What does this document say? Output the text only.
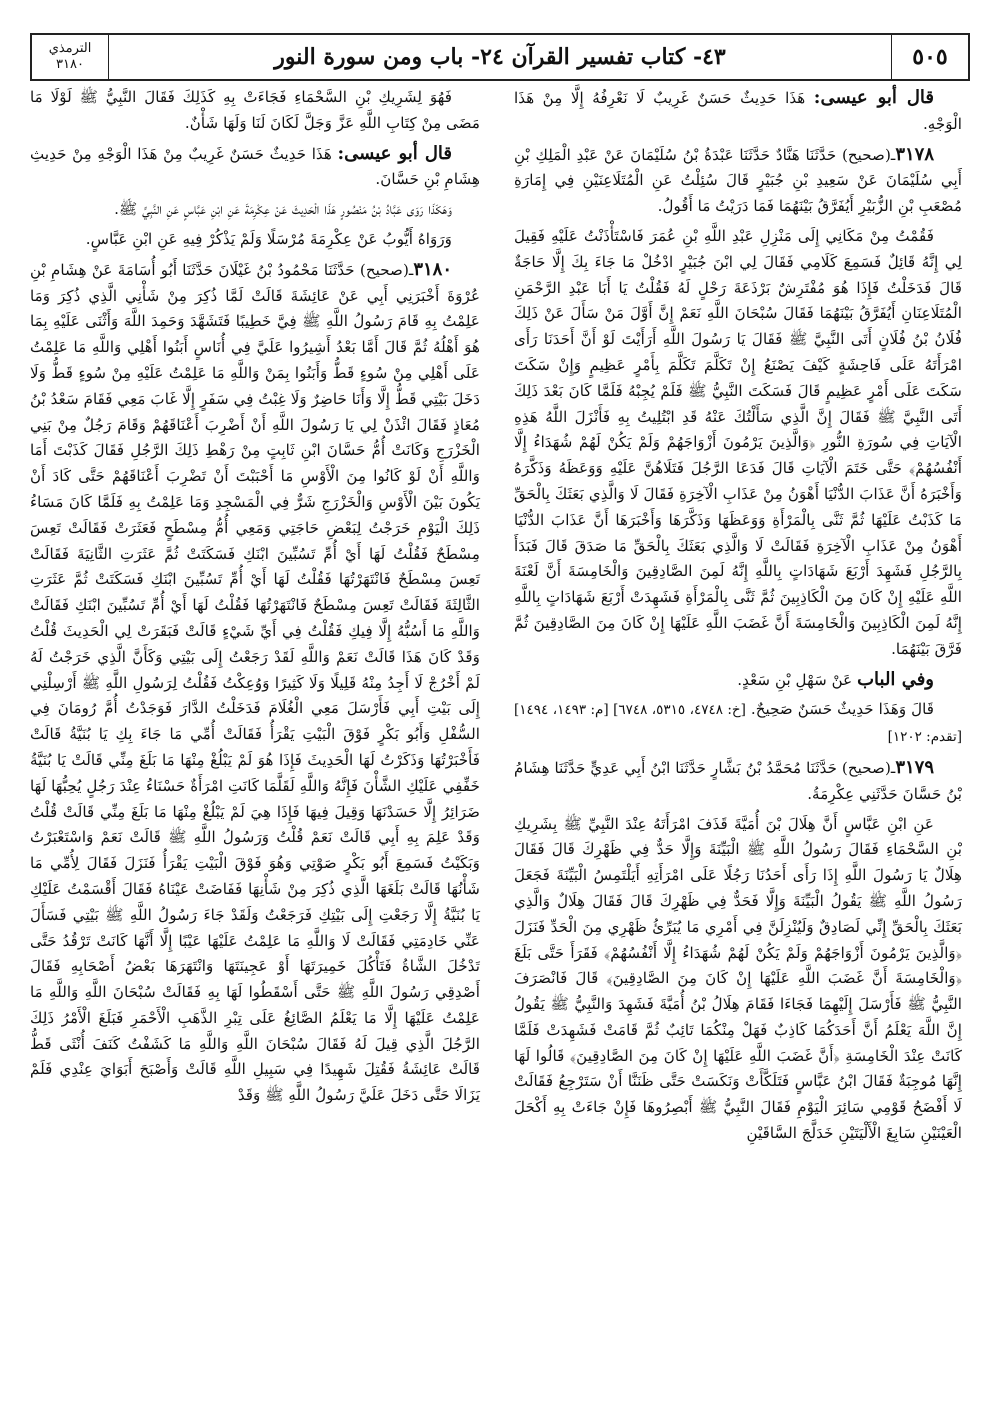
٥٠٥
٤٣- كتاب تفسير القرآن ٢٤- باب ومن سورة النور
الترمذي
٣١٨٠

قال أبو عيسى: هَذَا حَدِيثٌ حَسَنٌ غَرِيبٌ لَا نَعْرِفُهُ إِلَّا مِنْ هَذَا الْوَجْهِ.

٣١٧٨ـ(صحيح) حَدَّثَنَا هَنَّادٌ حَدَّثَنَا عَبْدَةُ بْنُ سُلَيْمَانَ عَنْ عَبْدِ الْمَلِكِ بْنِ أَبِي سُلَيْمَانَ عَنْ سَعِيدِ بْنِ جُبَيْرٍ قَالَ سُئِلْتُ عَنِ الْمُتَلَاعِنَيْنِ فِي إِمَارَةِ مُصْعَبِ بْنِ الزُّبَيْرِ أَيُفَرَّقُ بَيْنَهُمَا فَمَا دَرَيْتُ مَا أَقُولُ.

فَقُمْتُ مِنْ مَكَانِي إِلَى مَنْزِلِ عَبْدِ اللَّهِ بْنِ عُمَرَ فَاسْتَأْذَنْتُ عَلَيْهِ فَقِيلَ لِي إِنَّهُ قَائِلٌ فَسَمِعَ كَلَامِي فَقَالَ لِي ابْنَ جُبَيْرٍ ادْخُلْ مَا جَاءَ بِكَ إِلَّا حَاجَةٌ قَالَ فَدَخَلْتُ فَإِذَا هُوَ مُفْتَرِشٌ بَرْذَعَةَ رَحْلٍ لَهُ فَقُلْتُ يَا أَبَا عَبْدِ الرَّحْمَنِ الْمُتَلَاعِنَانِ أَيُفَرَّقُ بَيْنَهُمَا فَقَالَ سُبْحَانَ اللَّهِ نَعَمْ إِنَّ أَوَّلَ مَنْ سَأَلَ عَنْ ذَلِكَ فُلَانُ بْنُ فُلَانٍ أَتَى النَّبِيَّ ﷺ فَقَالَ يَا رَسُولَ اللَّهِ أَرَأَيْتَ لَوْ أَنَّ أَحَدَنَا رَأَى امْرَأَتَهُ عَلَى فَاحِشَةٍ كَيْفَ يَصْنَعُ إِنْ تَكَلَّمَ تَكَلَّمَ بِأَمْرٍ عَظِيمٍ وَإِنْ سَكَتَ سَكَتَ عَلَى أَمْرٍ عَظِيمٍ قَالَ فَسَكَتَ النَّبِيُّ ﷺ فَلَمْ يُجِبْهُ فَلَمَّا كَانَ بَعْدَ ذَلِكَ أَتَى النَّبِيَّ ﷺ فَقَالَ إِنَّ الَّذِي سَأَلْتُكَ عَنْهُ قَدِ ابْتُلِيتُ بِهِ فَأَنْزَلَ اللَّهُ هَذِهِ الْآيَاتِ فِي سُورَةِ النُّورِ ﴿وَالَّذِينَ يَرْمُونَ أَزْوَاجَهُمْ وَلَمْ يَكُنْ لَهُمْ شُهَدَاءُ إِلَّا أَنْفُسُهُمْ﴾ حَتَّى خَتَمَ الْآيَاتِ قَالَ فَدَعَا الرَّجُلَ فَتَلَاهُنَّ عَلَيْهِ وَوَعَظَهُ وَذَكَّرَهُ وَأَخْبَرَهُ أَنَّ عَذَابَ الدُّنْيَا أَهْوَنُ مِنْ عَذَابِ الْآخِرَةِ فَقَالَ لَا وَالَّذِي بَعَثَكَ بِالْحَقِّ مَا كَذَبْتُ عَلَيْهَا ثُمَّ ثَنَّى بِالْمَرْأَةِ وَوَعَظَهَا وَذَكَّرَهَا وَأَخْبَرَهَا أَنَّ عَذَابَ الدُّنْيَا أَهْوَنُ مِنْ عَذَابِ الْآخِرَةِ فَقَالَتْ لَا وَالَّذِي بَعَثَكَ بِالْحَقِّ مَا صَدَقَ قَالَ فَبَدَأَ بِالرَّجُلِ فَشَهِدَ أَرْبَعَ شَهَادَاتٍ بِاللَّهِ إِنَّهُ لَمِنَ الصَّادِقِينَ وَالْخَامِسَةَ أَنَّ لَعْنَةَ اللَّهِ عَلَيْهِ إِنْ كَانَ مِنَ الْكَاذِبِينَ ثُمَّ ثَنَّى بِالْمَرْأَةِ فَشَهِدَتْ أَرْبَعَ شَهَادَاتٍ بِاللَّهِ إِنَّهُ لَمِنَ الْكَاذِبِينَ وَالْخَامِسَةَ أَنَّ غَضَبَ اللَّهِ عَلَيْهَا إِنْ كَانَ مِنَ الصَّادِقِينَ ثُمَّ فَرَّقَ بَيْنَهُمَا.

وفي الباب عَنْ سَهْلِ بْنِ سَعْدٍ.

قَالَ وَهَذَا حَدِيثٌ حَسَنٌ صَحِيحٌ. [خ: ٤٧٤٨، ٥٣١٥، ٦٧٤٨] [م: ١٤٩٣، ١٤٩٤] [تقدم: ١٢٠٢]

٣١٧٩ـ(صحيح) حَدَّثَنَا مُحَمَّدُ بْنُ بَشَّارٍ حَدَّثَنَا ابْنُ أَبِي عَدِيٍّ حَدَّثَنَا هِشَامُ بْنُ حَسَّانَ حَدَّثَنِي عِكْرِمَةُ.

عَنِ ابْنِ عَبَّاسٍ أَنَّ هِلَالَ بْنَ أُمَيَّةَ قَذَفَ امْرَأَتَهُ عِنْدَ النَّبِيِّ ﷺ بِشَرِيكِ بْنِ السَّحْمَاءِ فَقَالَ رَسُولُ اللَّهِ ﷺ الْبَيِّنَةَ وَإِلَّا حَدٌّ فِي ظَهْرِكَ قَالَ فَقَالَ هِلَالٌ يَا رَسُولَ اللَّهِ إِذَا رَأَى أَحَدُنَا رَجُلًا عَلَى امْرَأَتِهِ أَيَلْتَمِسُ الْبَيِّنَةَ فَجَعَلَ رَسُولُ اللَّهِ ﷺ يَقُولُ الْبَيِّنَةَ وَإِلَّا فَحَدٌّ فِي ظَهْرِكَ قَالَ فَقَالَ هِلَالٌ وَالَّذِي بَعَثَكَ بِالْحَقِّ إِنِّي لَصَادِقٌ وَلَيُنْزِلَنَّ فِي أَمْرِي مَا يُبَرِّئُ ظَهْرِي مِنَ الْحَدِّ فَنَزَلَ ﴿وَالَّذِينَ يَرْمُونَ أَزْوَاجَهُمْ وَلَمْ يَكُنْ لَهُمْ شُهَدَاءُ إِلَّا أَنْفُسُهُمْ﴾ فَقَرَأَ حَتَّى بَلَغَ ﴿وَالْخَامِسَةَ أَنَّ غَضَبَ اللَّهِ عَلَيْهَا إِنْ كَانَ مِنَ الصَّادِقِينَ﴾ قَالَ فَانْصَرَفَ النَّبِيُّ ﷺ فَأَرْسَلَ إِلَيْهِمَا فَجَاءَا فَقَامَ هِلَالُ بْنُ أُمَيَّةَ فَشَهِدَ وَالنَّبِيُّ ﷺ يَقُولُ إِنَّ اللَّهَ يَعْلَمُ أَنَّ أَحَدَكُمَا كَاذِبٌ فَهَلْ مِنْكُمَا تَائِبٌ ثُمَّ قَامَتْ فَشَهِدَتْ فَلَمَّا كَانَتْ عِنْدَ الْخَامِسَةِ ﴿أَنَّ غَضَبَ اللَّهِ عَلَيْهَا إِنْ كَانَ مِنَ الصَّادِقِينَ﴾ قَالُوا لَهَا إِنَّهَا مُوجِبَةٌ فَقَالَ ابْنُ عَبَّاسٍ فَتَلَكَّأَتْ وَنَكَسَتْ حَتَّى ظَنَنَّا أَنْ سَتَرْجِعُ فَقَالَتْ لَا أَفْضَحُ قَوْمِي سَائِرَ الْيَوْمِ فَقَالَ النَّبِيُّ ﷺ أَبْصِرُوهَا فَإِنْ جَاءَتْ بِهِ أَكْحَلَ الْعَيْنَيْنِ سَابِغَ الْأَلْيَتَيْنِ خَدَلَّجَ السَّاقَيْنِ

فَهُوَ لِشَرِيكِ بْنِ السَّحْمَاءِ فَجَاءَتْ بِهِ كَذَلِكَ فَقَالَ النَّبِيُّ ﷺ لَوْلَا مَا مَضَى مِنْ كِتَابِ اللَّهِ عَزَّ وَجَلَّ لَكَانَ لَنَا وَلَهَا شَأْنٌ.

قال أبو عيسى: هَذَا حَدِيثٌ حَسَنٌ غَرِيبٌ مِنْ هَذَا الْوَجْهِ مِنْ حَدِيثِ هِشَامِ بْنِ حَسَّانَ.

وَهَكَذَا رَوَى عَبَّادُ بْنُ مَنْصُورٍ هَذَا الْحَدِيثَ عَنْ عِكْرِمَةَ عَنِ ابْنِ عَبَّاسٍ عَنِ النَّبِيِّ ﷺ.

وَرَوَاهُ أَيُّوبُ عَنْ عِكْرِمَةَ مُرْسَلًا وَلَمْ يَذْكُرْ فِيهِ عَنِ ابْنِ عَبَّاسٍ.

٣١٨٠ـ(صحيح) حَدَّثَنَا مَحْمُودُ بْنُ غَيْلَانَ حَدَّثَنَا أَبُو أُسَامَةَ عَنْ هِشَامِ بْنِ عُرْوَةَ أَخْبَرَنِي أَبِي عَنْ عَائِشَةَ قَالَتْ لَمَّا ذُكِرَ مِنْ شَأْنِي الَّذِي ذُكِرَ وَمَا عَلِمْتُ بِهِ قَامَ رَسُولُ اللَّهِ ﷺ فِيَّ خَطِيبًا فَتَشَهَّدَ وَحَمِدَ اللَّهَ وَأَثْنَى عَلَيْهِ بِمَا هُوَ أَهْلُهُ ثُمَّ قَالَ أَمَّا بَعْدُ أَشِيرُوا عَلَيَّ فِي أُنَاسٍ أَبَنُوا أَهْلِي وَاللَّهِ مَا عَلِمْتُ عَلَى أَهْلِي مِنْ سُوءٍ قَطُّ وَأَبَنُوا بِمَنْ وَاللَّهِ مَا عَلِمْتُ عَلَيْهِ مِنْ سُوءٍ قَطُّ وَلَا دَخَلَ بَيْتِي قَطُّ إِلَّا وَأَنَا حَاضِرٌ وَلَا غِبْتُ فِي سَفَرٍ إِلَّا غَابَ مَعِي فَقَامَ سَعْدُ بْنُ مُعَاذٍ فَقَالَ ائْذَنْ لِي يَا رَسُولَ اللَّهِ أَنْ أَضْرِبَ أَعْنَاقَهُمْ وَقَامَ رَجُلٌ مِنْ بَنِي الْخَزْرَجِ وَكَانَتْ أُمُّ حَسَّانَ ابْنِ ثَابِتٍ مِنْ رَهْطِ ذَلِكَ الرَّجُلِ فَقَالَ كَذَبْتَ أَمَا وَاللَّهِ أَنْ لَوْ كَانُوا مِنَ الْأَوْسِ مَا أَحْبَبْتَ أَنْ تَضْرِبَ أَعْنَاقَهُمْ حَتَّى كَادَ أَنْ يَكُونَ بَيْنَ الْأَوْسِ وَالْخَزْرَجِ شَرٌّ فِي الْمَسْجِدِ وَمَا عَلِمْتُ بِهِ فَلَمَّا كَانَ مَسَاءُ ذَلِكَ الْيَوْمِ خَرَجْتُ لِبَعْضِ حَاجَتِي وَمَعِي أُمُّ مِسْطَحٍ فَعَثَرَتْ فَقَالَتْ تَعِسَ مِسْطَحٌ فَقُلْتُ لَهَا أَيْ أُمِّ تَسُبِّينَ ابْنَكِ فَسَكَتَتْ ثُمَّ عَثَرَتِ الثَّانِيَةَ فَقَالَتْ تَعِسَ مِسْطَحٌ فَانْتَهَرْتُهَا فَقُلْتُ لَهَا أَيْ أُمِّ تَسُبِّينَ ابْنَكِ فَسَكَتَتْ ثُمَّ عَثَرَتِ الثَّالِثَةَ فَقَالَتْ تَعِسَ مِسْطَحٌ فَانْتَهَرْتُهَا فَقُلْتُ لَهَا أَيْ أُمِّ تَسُبِّينَ ابْنَكِ فَقَالَتْ وَاللَّهِ مَا أَسُبُّهُ إِلَّا فِيكِ فَقُلْتُ فِي أَيِّ شَيْءٍ قَالَتْ فَبَقَرَتْ لِي الْحَدِيثَ قُلْتُ وَقَدْ كَانَ هَذَا قَالَتْ نَعَمْ وَاللَّهِ لَقَدْ رَجَعْتُ إِلَى بَيْتِي وَكَأَنَّ الَّذِي خَرَجْتُ لَهُ لَمْ أَخْرُجْ لَا أَجِدُ مِنْهُ قَلِيلًا وَلَا كَثِيرًا وَوُعِكْتُ فَقُلْتُ لِرَسُولِ اللَّهِ ﷺ أَرْسِلْنِي إِلَى بَيْتِ أَبِي فَأَرْسَلَ مَعِي الْغُلَامَ فَدَخَلْتُ الدَّارَ فَوَجَدْتُ أُمَّ رُومَانَ فِي السُّفْلِ وَأَبُو بَكْرٍ فَوْقَ الْبَيْتِ يَقْرَأُ فَقَالَتْ أُمِّي مَا جَاءَ بِكِ يَا بُنَيَّةُ قَالَتْ فَأَخْبَرْتُهَا وَذَكَرْتُ لَهَا الْحَدِيثَ فَإِذَا هُوَ لَمْ يَبْلُغْ مِنْهَا مَا بَلَغَ مِنِّي قَالَتْ يَا بُنَيَّةُ خَفِّفِي عَلَيْكِ الشَّأْنَ فَإِنَّهُ وَاللَّهِ لَقَلَّمَا كَانَتِ امْرَأَةٌ حَسْنَاءُ عِنْدَ رَجُلٍ يُحِبُّهَا لَهَا ضَرَائِرُ إِلَّا حَسَدْنَهَا وَقِيلَ فِيهَا فَإِذَا هِيَ لَمْ يَبْلُغْ مِنْهَا مَا بَلَغَ مِنِّي قَالَتْ قُلْتُ وَقَدْ عَلِمَ بِهِ أَبِي قَالَتْ نَعَمْ قُلْتُ وَرَسُولُ اللَّهِ ﷺ قَالَتْ نَعَمْ وَاسْتَعْبَرْتُ وَبَكَيْتُ فَسَمِعَ أَبُو بَكْرٍ صَوْتِي وَهُوَ فَوْقَ الْبَيْتِ يَقْرَأُ فَنَزَلَ فَقَالَ لِأُمِّي مَا شَأْنُهَا قَالَتْ بَلَغَهَا الَّذِي ذُكِرَ مِنْ شَأْنِهَا فَفَاضَتْ عَيْنَاهُ فَقَالَ أَقْسَمْتُ عَلَيْكِ يَا بُنَيَّةُ إِلَّا رَجَعْتِ إِلَى بَيْتِكِ فَرَجَعْتُ وَلَقَدْ جَاءَ رَسُولُ اللَّهِ ﷺ بَيْتِي فَسَأَلَ عَنِّي خَادِمَتِي فَقَالَتْ لَا وَاللَّهِ مَا عَلِمْتُ عَلَيْهَا عَيْبًا إِلَّا أَنَّهَا كَانَتْ تَرْقُدُ حَتَّى تَدْخُلَ الشَّاةُ فَتَأْكُلَ خَمِيرَتَهَا أَوْ عَجِينَتَهَا وَانْتَهَرَهَا بَعْضُ أَصْحَابِهِ فَقَالَ أَصْدِقِي رَسُولَ اللَّهِ ﷺ حَتَّى أَسْقَطُوا لَهَا بِهِ فَقَالَتْ سُبْحَانَ اللَّهِ وَاللَّهِ مَا عَلِمْتُ عَلَيْهَا إِلَّا مَا يَعْلَمُ الصَّائِغُ عَلَى تِبْرِ الذَّهَبِ الْأَحْمَرِ فَبَلَغَ الْأَمْرُ ذَلِكَ الرَّجُلَ الَّذِي قِيلَ لَهُ فَقَالَ سُبْحَانَ اللَّهِ وَاللَّهِ مَا كَشَفْتُ كَنَفَ أُنْثَى قَطُّ قَالَتْ عَائِشَةُ فَقُتِلَ شَهِيدًا فِي سَبِيلِ اللَّهِ قَالَتْ وَأَصْبَحَ أَبَوَايَ عِنْدِي فَلَمْ يَزَالَا حَتَّى دَخَلَ عَلَيَّ رَسُولُ اللَّهِ ﷺ وَقَدْ
